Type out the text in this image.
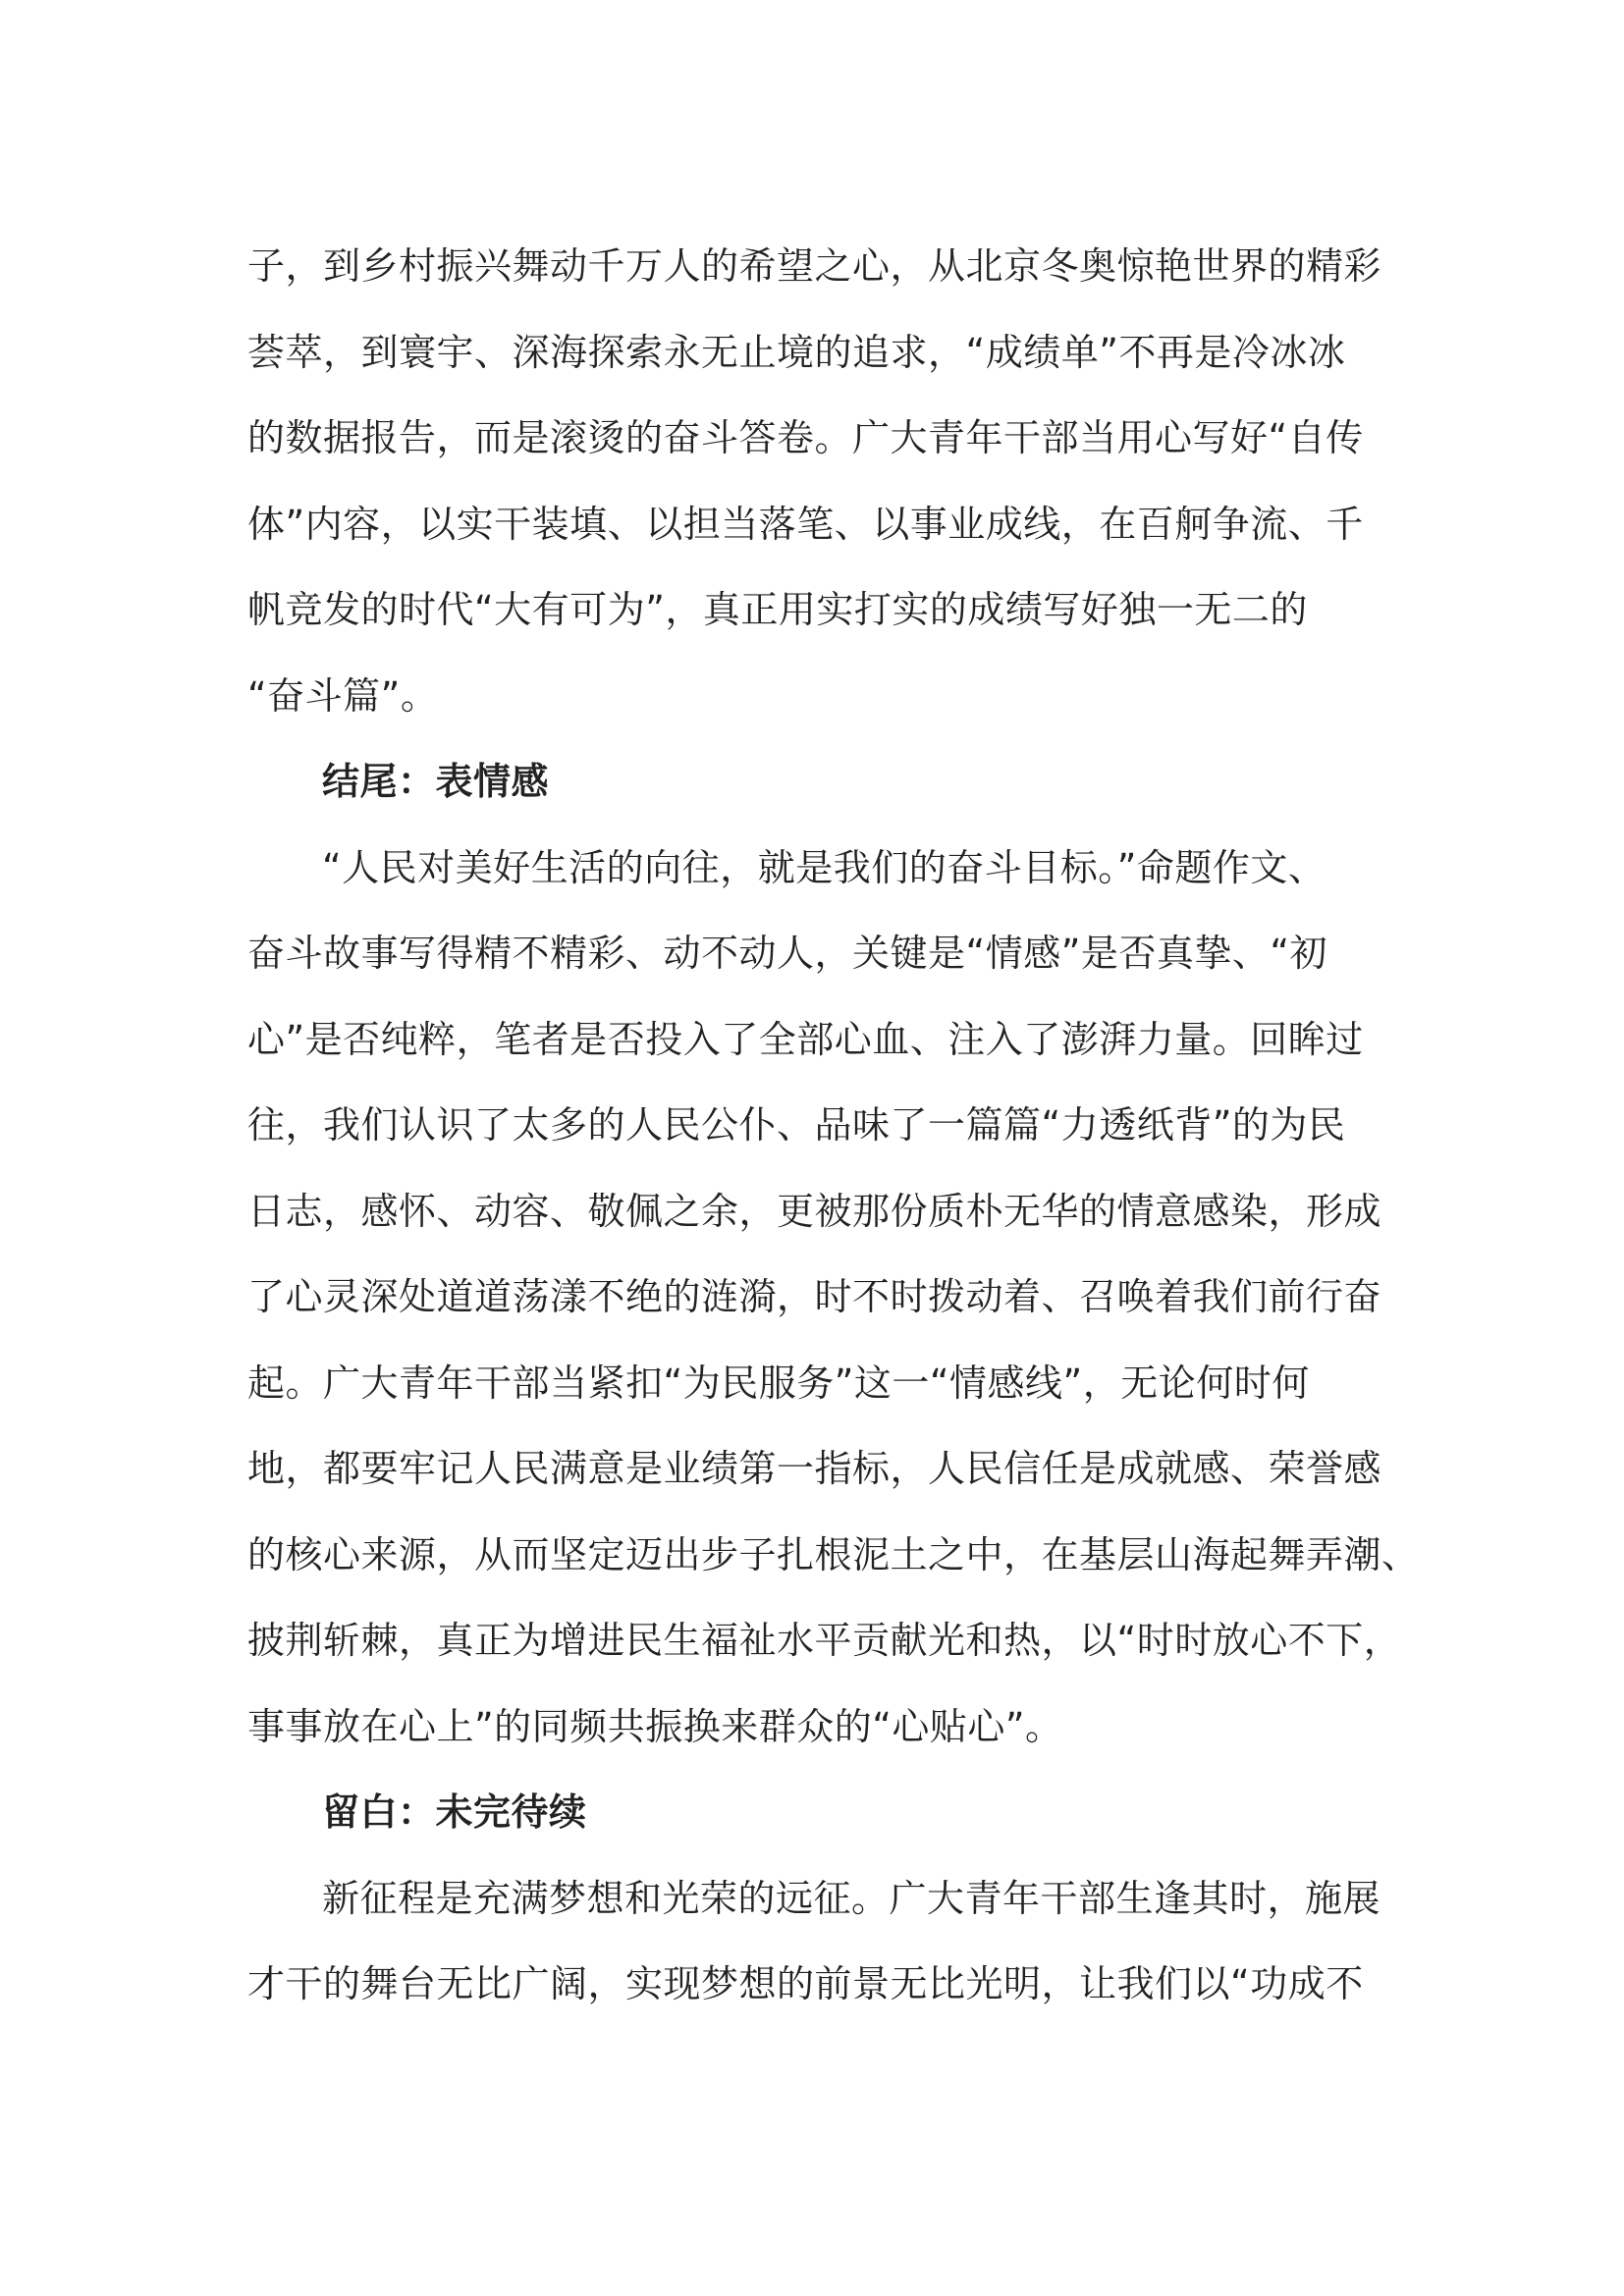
子，到乡村振兴舞动千万人的希望之心，从北京冬奥惊艳世界的精彩
荟萃，到寰宇、深海探索永无止境的追求，“成绩单”不再是冷冰冰
的数据报告，而是滚烫的奋斗答卷。广大青年干部当用心写好“自传
体”内容，以实干装填、以担当落笔、以事业成线，在百舸争流、千
帆竞发的时代“大有可为”，真正用实打实的成绩写好独一无二的
“奋斗篇”。
结尾：表情感
“人民对美好生活的向往，就是我们的奋斗目标。”命题作文、
奋斗故事写得精不精彩、动不动人，关键是“情感”是否真挚、“初
心”是否纯粹，笔者是否投入了全部心血、注入了澎湃力量。回眸过
往，我们认识了太多的人民公仆、品味了一篇篇“力透纸背”的为民
日志，感怀、动容、敬佩之余，更被那份质朴无华的情意感染，形成
了心灵深处道道荡漾不绝的涟漪，时不时拨动着、召唤着我们前行奋
起。广大青年干部当紧扣“为民服务”这一“情感线”，无论何时何
地，都要牢记人民满意是业绩第一指标，人民信任是成就感、荣誉感
的核心来源，从而坚定迈出步子扎根泥土之中，在基层山海起舞弄潮、
披荆斩棘，真正为增进民生福祉水平贡献光和热，以“时时放心不下，
事事放在心上”的同频共振换来群众的“心贴心”。
留白：未完待续
新征程是充满梦想和光荣的远征。广大青年干部生逢其时，施展
才干的舞台无比广阔，实现梦想的前景无比光明，让我们以“功成不
